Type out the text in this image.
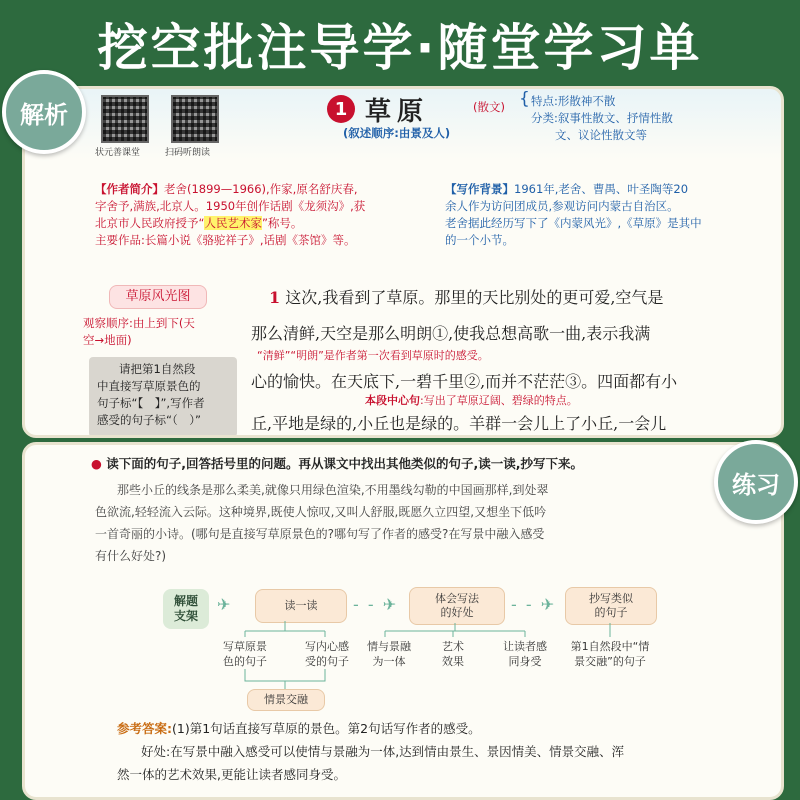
挖空批注导学·随堂学习单
状元善课堂	扫码听朗读
1 草原	(散文)
(叙述顺序:由景及人)
{ 特点:形散神不散
分类:叙事性散文、抒情性散
文、议论性散文等
【作者简介】老舍(1899—1966),作家,原名舒庆春,
字舍予,满族,北京人。1950年创作话剧《龙须沟》,获
北京市人民政府授予“人民艺术家”称号。
主要作品:长篇小说《骆驼祥子》,话剧《茶馆》等。
【写作背景】1961年,老舍、曹禺、叶圣陶等20
余人作为访问团成员,参观访问内蒙古自治区。
老舍据此经历写下了《内蒙风光》,《草原》是其中
的一个小节。
草原风光图
观察顺序:由上到下(天
空→地面)
请把第1自然段
中直接写草原景色的
句子标“【　】”,写作者
感受的句子标“（　）”
1 这次,我看到了草原。那里的天比别处的更可爱,空气是
那么清鲜,天空是那么明朗①,使我总想高歌一曲,表示我满
“清鲜”“明朗”是作者第一次看到草原时的感受。
心的愉快。在天底下,一碧千里②,而并不茫茫③。四面都有小
本段中心句:写出了草原辽阔、碧绿的特点。
丘,平地是绿的,小丘也是绿的。羊群一会儿上了小丘,一会儿
● 读下面的句子,回答括号里的问题。再从课文中找出其他类似的句子,读一读,抄写下来。
那些小丘的线条是那么柔美,就像只用绿色渲染,不用墨线勾勒的中国画那样,到处翠
色欲流,轻轻流入云际。这种境界,既使人惊叹,又叫人舒服,既愿久立四望,又想坐下低吟
一首奇丽的小诗。(哪句是直接写草原景色的?哪句写了作者的感受?在写景中融入感受
有什么好处?)
解题
支架
✈	读一读	- - ✈	体会写法
的好处	- - ✈	抄写类似
的句子
写草原景
色的句子
写内心感
受的句子
情与景融
为一体
艺术
效果
让读者感
同身受
第1自然段中“情
景交融”的句子
情景交融
参考答案:(1)第1句话直接写草原的景色。第2句话写作者的感受。
好处:在写景中融入感受可以使情与景融为一体,达到情由景生、景因情美、情景交融、浑
然一体的艺术效果,更能让读者感同身受。
解析
练习
